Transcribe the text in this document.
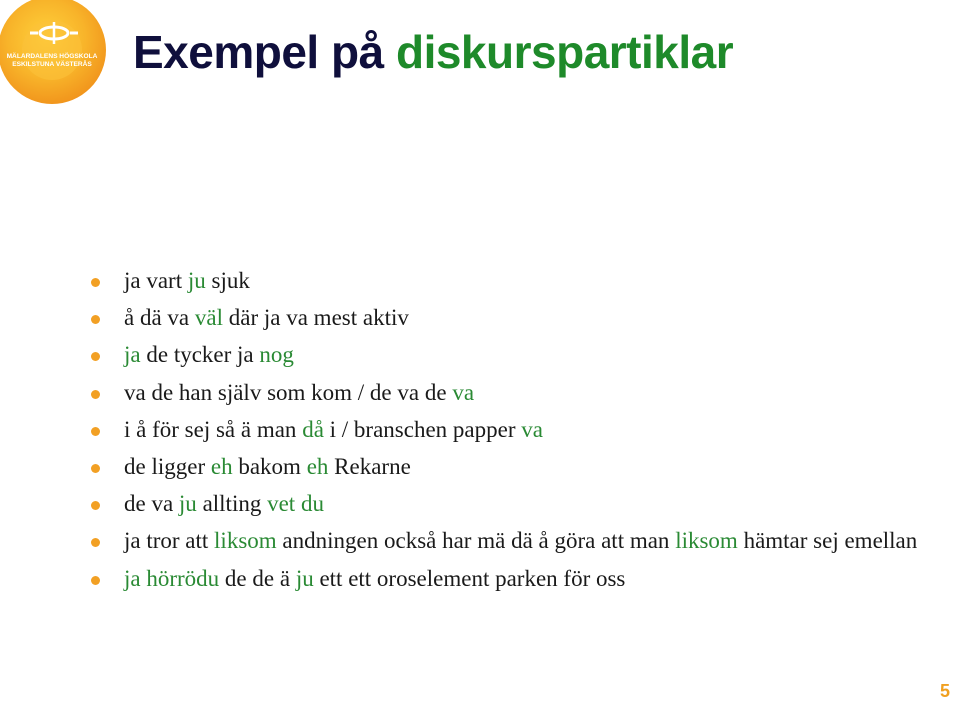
MÄLARDALENS HÖGSKOLA
ESKILSTUNA VÄSTERÅS Exempel på diskurspartiklar
ja vart ju sjuk
å dä va väl där ja va mest aktiv
ja de tycker ja nog
va de han själv som kom / de va de va
i å för sej så ä man då i / branschen papper va
de ligger eh bakom eh Rekarne
de va ju allting vet du
ja tror att liksom andningen också har mä dä å göra att man liksom hämtar sej emellan
ja hörrödu de de ä ju ett ett oroselement parken för oss
5
